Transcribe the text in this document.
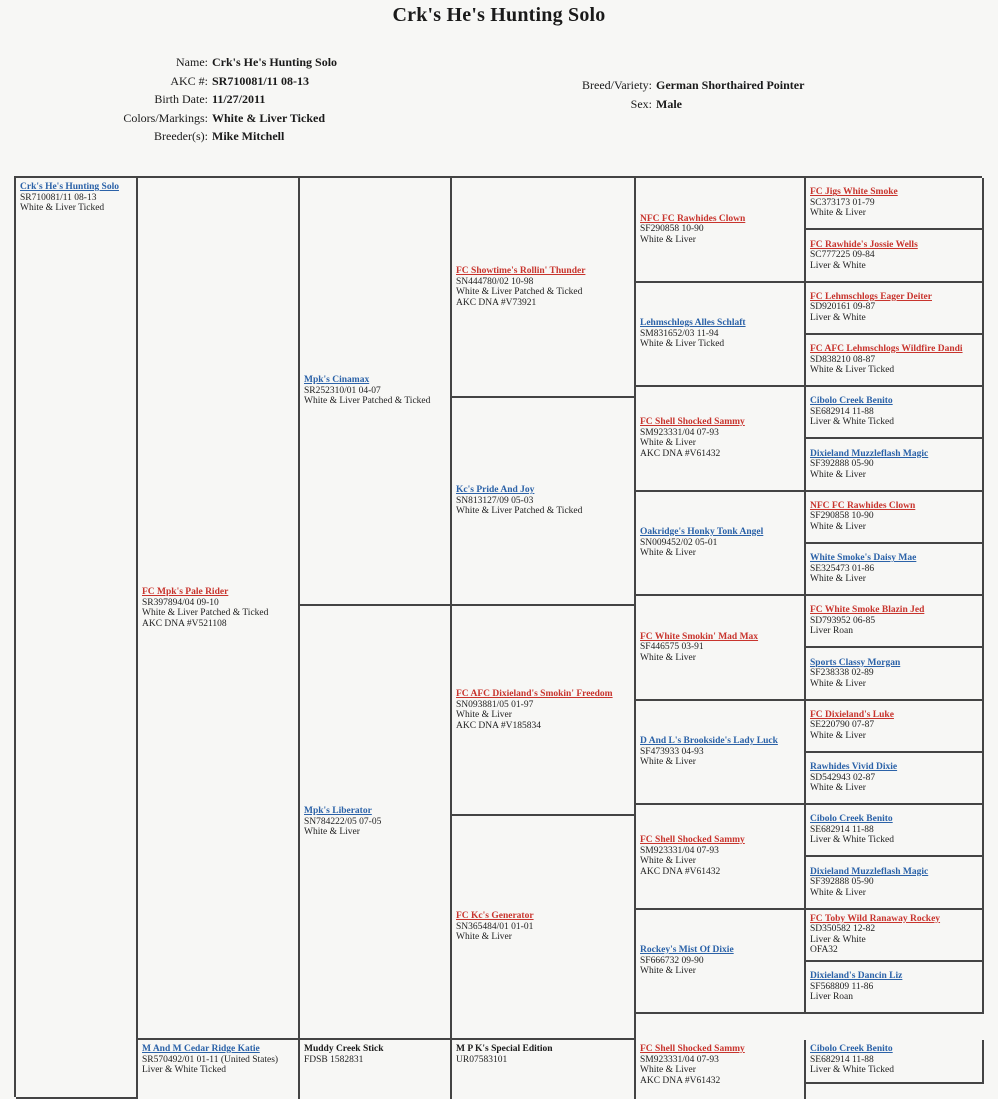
Crk's He's Hunting Solo
Name: Crk's He's Hunting Solo
AKC #: SR710081/11 08-13
Birth Date: 11/27/2011
Colors/Markings: White & Liver Ticked
Breeder(s): Mike Mitchell
Breed/Variety: German Shorthaired Pointer
Sex: Male
Crk's He's Hunting Solo
SR710081/11 08-13
White & Liver Ticked
FC Mpk's Pale Rider
SR397894/04 09-10
White & Liver Patched & Ticked
AKC DNA #V521108
M And M Cedar Ridge Katie
SR570492/01 01-11 (United States)
Liver & White Ticked
Mpk's Cinamax
SR252310/01 04-07
White & Liver Patched & Ticked
Mpk's Liberator
SN784222/05 07-05
White & Liver
Muddy Creek Stick
FDSB 1582831
FC Showtime's Rollin' Thunder
SN444780/02 10-98
White & Liver Patched & Ticked
AKC DNA #V73921
Kc's Pride And Joy
SN813127/09 05-03
White & Liver Patched & Ticked
FC AFC Dixieland's Smokin' Freedom
SN093881/05 01-97
White & Liver
AKC DNA #V185834
FC Kc's Generator
SN365484/01 01-01
White & Liver
M P K's Special Edition
UR07583101
NFC FC Rawhides Clown
SF290858 10-90
White & Liver
Lehmschlogs Alles Schlaft
SM831652/03 11-94
White & Liver Ticked
FC Shell Shocked Sammy
SM923331/04 07-93
White & Liver
AKC DNA #V61432
Oakridge's Honky Tonk Angel
SN009452/02 05-01
White & Liver
FC White Smokin' Mad Max
SF446575 03-91
White & Liver
D And L's Brookside's Lady Luck
SF473933 04-93
White & Liver
FC Shell Shocked Sammy
SM923331/04 07-93
White & Liver
AKC DNA #V61432
Rockey's Mist Of Dixie
SF666732 09-90
White & Liver
FC Shell Shocked Sammy
SM923331/04 07-93
White & Liver
AKC DNA #V61432
FC Jigs White Smoke
SC373173 01-79
White & Liver
FC Rawhide's Jossie Wells
SC777225 09-84
Liver & White
FC Lehmschlogs Eager Deiter
SD920161 09-87
Liver & White
FC AFC Lehmschlogs Wildfire Dandi
SD838210 08-87
White & Liver Ticked
Cibolo Creek Benito
SE682914 11-88
Liver & White Ticked
Dixieland Muzzleflash Magic
SF392888 05-90
White & Liver
NFC FC Rawhides Clown
SF290858 10-90
White & Liver
White Smoke's Daisy Mae
SE325473 01-86
White & Liver
FC White Smoke Blazin Jed
SD793952 06-85
Liver Roan
Sports Classy Morgan
SF238338 02-89
White & Liver
FC Dixieland's Luke
SE220790 07-87
White & Liver
Rawhides Vivid Dixie
SD542943 02-87
White & Liver
Cibolo Creek Benito
SE682914 11-88
Liver & White Ticked
Dixieland Muzzleflash Magic
SF392888 05-90
White & Liver
FC Toby Wild Ranaway Rockey
SD350582 12-82
Liver & White
OFA32
Dixieland's Dancin Liz
SF568809 11-86
Liver Roan
Cibolo Creek Benito
SE682914 11-88
Liver & White Ticked
